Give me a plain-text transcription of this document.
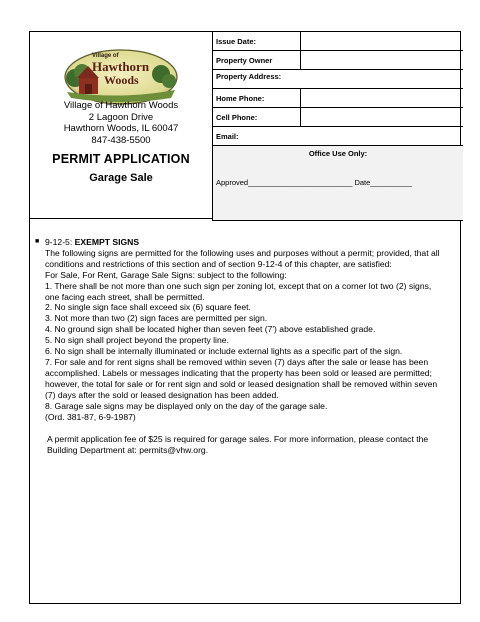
Village of
Hawthorn
Woods
Village of Hawthorn Woods
2 Lagoon Drive
Hawthorn Woods, IL 60047
847-438-5500
PERMIT APPLICATION
Garage Sale
Issue Date:
Property Owner
Property Address:
Home Phone:
Cell Phone:
Email:
Office Use Only:
Approved_________________________ Date__________
■ 9-12-5: EXEMPT SIGNS

The following signs are permitted for the following uses and purposes without a permit; provided, that all conditions and restrictions of this section and of section 9-12-4 of this chapter, are satisfied:

For Sale, For Rent, Garage Sale Signs: subject to the following:

1. There shall be not more than one such sign per zoning lot, except that on a corner lot two (2) signs, one facing each street, shall be permitted.

2. No single sign face shall exceed six (6) square feet.

3. Not more than two (2) sign faces are permitted per sign.

4. No ground sign shall be located higher than seven feet (7') above established grade.

5. No sign shall project beyond the property line.

6. No sign shall be internally illuminated or include external lights as a specific part of the sign.

7. For sale and for rent signs shall be removed within seven (7) days after the sale or lease has been accomplished. Labels or messages indicating that the property has been sold or leased are permitted; however, the total for sale or for rent sign and sold or leased designation shall be removed within seven (7) days after the sold or leased designation has been added.

8. Garage sale signs may be displayed only on the day of the garage sale.

(Ord. 381-87, 6-9-1987)

A permit application fee of $25 is required for garage sales. For more information, please contact the Building Department at: permits@vhw.org.
